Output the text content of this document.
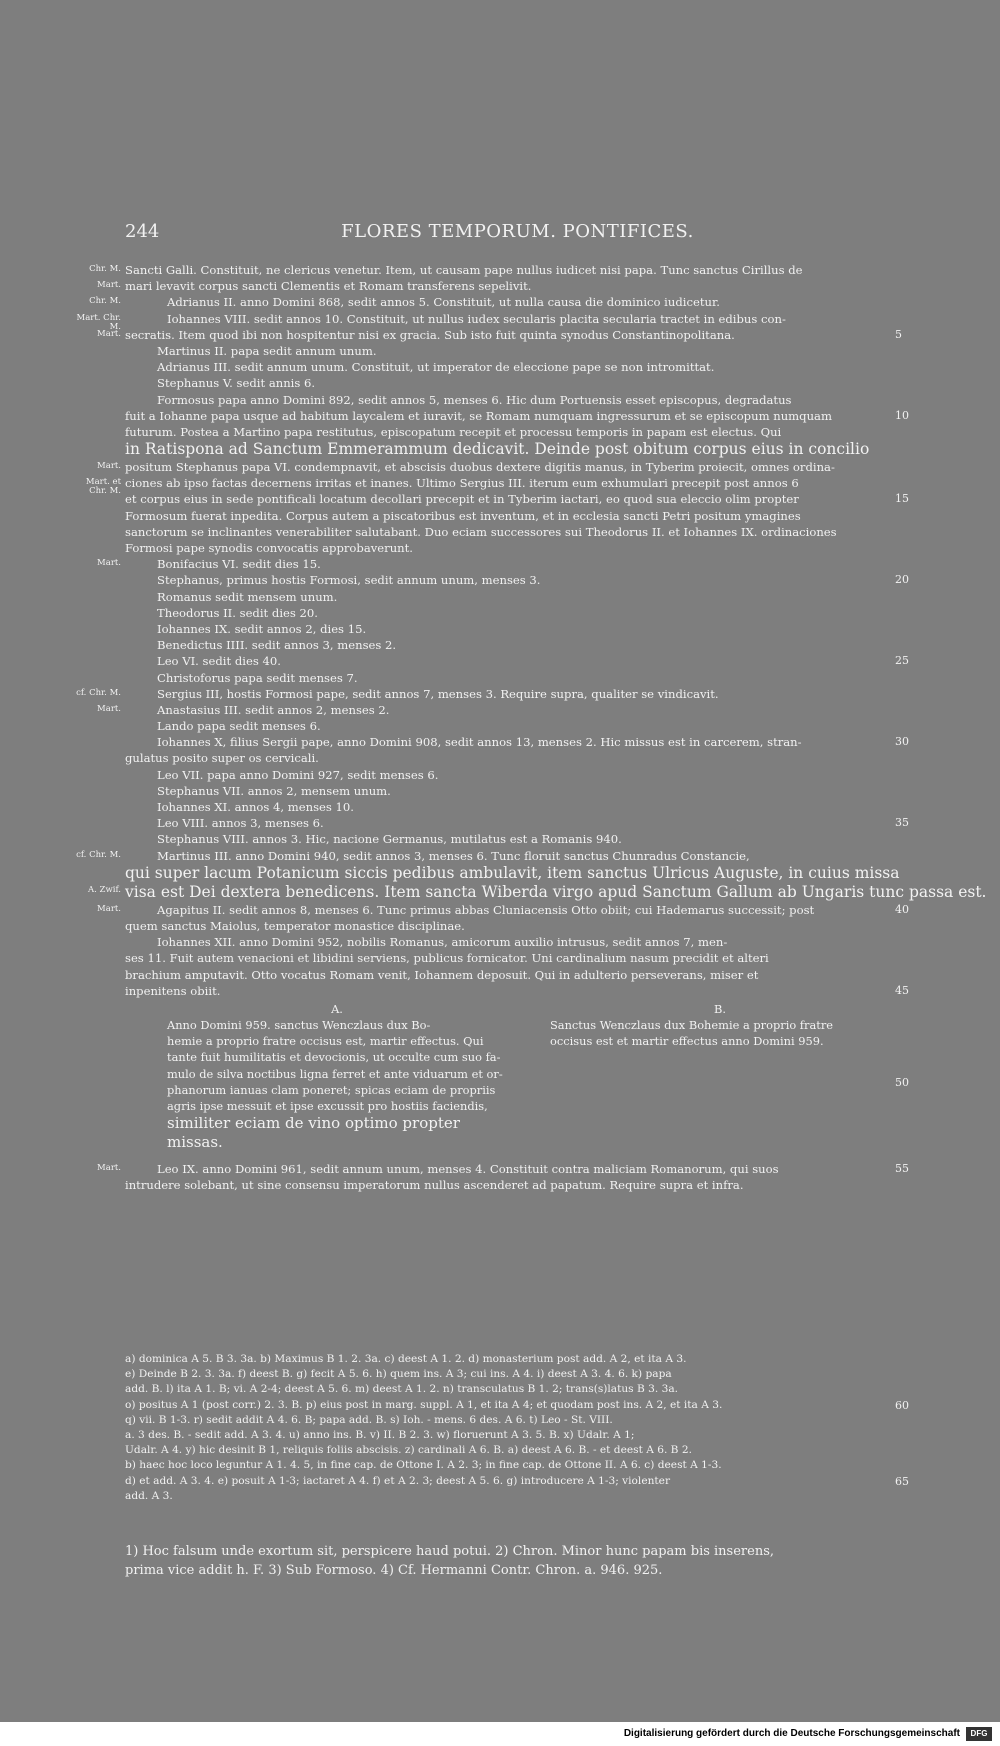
244	FLORES TEMPORUM. PONTIFICES.
Chr. M. Sancti Galli. Constituit, ne clericus venetur. Item, ut causam pape nullus iudicet nisi papa. Tunc sanctus Cirillus de
Mart. mari levavit corpus sancti Clementis et Romam transferens sepelivit.
Chr. M.	Adrianus II. anno Domini 868, sedit annos 5. Constituit, ut nulla causa die dominico iudicetur.
Mart. Chr. M.
Iohannes VIII. sedit annos 10. Constituit, ut nullus iudex secularis placita secularia tractet in edibus con-
Mart. secratis. Item quod ibi non hospitentur nisi ex gracia. Sub isto fuit quinta synodus Constantinopolitana.	5
Martinus II. papa sedit annum unum.
Adrianus III. sedit annum unum. Constituit, ut imperator de eleccione pape se non intromittat.
Stephanus V. sedit annis 6.
Formosus papa anno Domini 892, sedit annos 5, menses 6. Hic dum Portuensis esset episcopus, degradatus
fuit a Iohanne papa usque ad habitum laycalem et iuravit, se Romam numquam ingressurum et se episcopum numquam	10
futurum. Postea a Martino papa restitutus, episcopatum recepit et processu temporis in papam est electus. Qui
in Ratispona ad Sanctum Emmerammum dedicavit. Deinde post obitum corpus eius in concilio
Mart. positum Stephanus papa VI. condempnavit, et abscisis duobus dextere digitis manus, in Tyberim proiecit, omnes ordina-
Mart. et Chr. M.
ciones ab ipso factas decernens irritas et inanes. Ultimo Sergius III. iterum eum exhumulari precepit post annos 6
et corpus eius in sede pontificali locatum decollari precepit et in Tyberim iactari, eo quod sua eleccio olim propter	15
Formosum fuerat inpedita. Corpus autem a piscatoribus est inventum, et in ecclesia sancti Petri positum ymagines
sanctorum se inclinantes venerabiliter salutabant. Duo eciam successores sui Theodorus II. et Iohannes IX. ordinaciones
Formosi pape synodis convocatis approbaverunt.
Mart.	Bonifacius VI. sedit dies 15.
Stephanus, primus hostis Formosi, sedit annum unum, menses 3.	20
Romanus sedit mensem unum.
Theodorus II. sedit dies 20.
Iohannes IX. sedit annos 2, dies 15.
Benedictus IIII. sedit annos 3, menses 2.
Leo VI. sedit dies 40.	25
Christoforus papa sedit menses 7.
cf. Chr. M.	Sergius III, hostis Formosi pape, sedit annos 7, menses 3. Require supra, qualiter se vindicavit.
Mart.	Anastasius III. sedit annos 2, menses 2.
Lando papa sedit menses 6.
Iohannes X, filius Sergii pape, anno Domini 908, sedit annos 13, menses 2. Hic missus est in carcerem, stran-	30
gulatus posito super os cervicali.
Leo VII. papa anno Domini 927, sedit menses 6.
Stephanus VII. annos 2, mensem unum.
Iohannes XI. annos 4, menses 10.
Leo VIII. annos 3, menses 6.	35
Stephanus VIII. annos 3. Hic, nacione Germanus, mutilatus est a Romanis 940.
cf. Chr. M.	Martinus III. anno Domini 940, sedit annos 3, menses 6. Tunc floruit sanctus Chunradus Constancie,
qui super lacum Potanicum siccis pedibus ambulavit, item sanctus Ulricus Auguste, in cuius missa
A. Zwif. visa est Dei dextera benedicens. Item sancta Wiberda virgo apud Sanctum Gallum ab Ungaris tunc passa est.
Mart.	Agapitus II. sedit annos 8, menses 6. Tunc primus abbas Cluniacensis Otto obiit; cui Hademarus successit; post	40
quem sanctus Maiolus, temperator monastice disciplinae.
Iohannes XII. anno Domini 952, nobilis Romanus, amicorum auxilio intrusus, sedit annos 7, men-
ses 11. Fuit autem venacioni et libidini serviens, publicus fornicator. Uni cardinalium nasum precidit et alteri
brachium amputavit. Otto vocatus Romam venit, Iohannem deposuit. Qui in adulterio perseverans, miser et
inpenitens obiit.	45
A.
Anno Domini 959. sanctus Wenczlaus dux Bo-
hemie a proprio fratre occisus est, martir effectus. Qui
tante fuit humilitatis et devocionis, ut occulte cum suo fa-
mulo de silva noctibus ligna ferret et ante viduarum et or-
phanorum ianuas clam poneret; spicas eciam de propriis
agris ipse messuit et ipse excussit pro hostiis faciendis,
similiter eciam de vino optimo propter
missas.
B.
Sanctus Wenczlaus dux Bohemie a proprio fratre
occisus est et martir effectus anno Domini 959.
50
Mart.	Leo IX. anno Domini 961, sedit annum unum, menses 4. Constituit contra maliciam Romanorum, qui suos	55
intrudere solebant, ut sine consensu imperatorum nullus ascenderet ad papatum. Require supra et infra.
a) dominica A 5. B 3. 3a. b) Maximus B 1. 2. 3a. c) deest A 1. 2. d) monasterium post add. A 2, et ita A 3.
e) Deinde B 2. 3. 3a. f) deest B. g) fecit A 5. 6. h) quem ins. A 3; cui ins. A 4. i) deest A 3. 4. 6. k) papa
add. B. l) ita A 1. B; vi. A 2-4; deest A 5. 6. m) deest A 1. 2. n) transculatus B 1. 2; trans(s)latus B 3. 3a.
o) positus A 1 (post corr.) 2. 3. B. p) eius post in marg. suppl. A 1, et ita A 4; et quodam post ins. A 2, et ita A 3.	60
q) vii. B 1-3. r) sedit addit A 4. 6. B; papa add. B. s) Ioh. - mens. 6 des. A 6. t) Leo - St. VIII.
a. 3 des. B. - sedit add. A 3. 4. u) anno ins. B. v) II. B 2. 3. w) floruerunt A 3. 5. B. x) Udalr. A 1;
Udalr. A 4. y) hic desinit B 1, reliquis foliis abscisis. z) cardinali A 6. B. a) deest A 6. B. - et deest A 6. B 2.
b) haec hoc loco leguntur A 1. 4. 5, in fine cap. de Ottone I. A 2. 3; in fine cap. de Ottone II. A 6. c) deest A 1-3.
d) et add. A 3. 4. e) posuit A 1-3; iactaret A 4. f) et A 2. 3; deest A 5. 6. g) introducere A 1-3; violenter	65
add. A 3.
1) Hoc falsum unde exortum sit, perspicere haud potui. 2) Chron. Minor hunc papam bis inserens,
prima vice addit h. F. 3) Sub Formoso. 4) Cf. Hermanni Contr. Chron. a. 946. 925.
Digitalisierung gefördert durch die Deutsche Forschungsgemeinschaft	DFG
